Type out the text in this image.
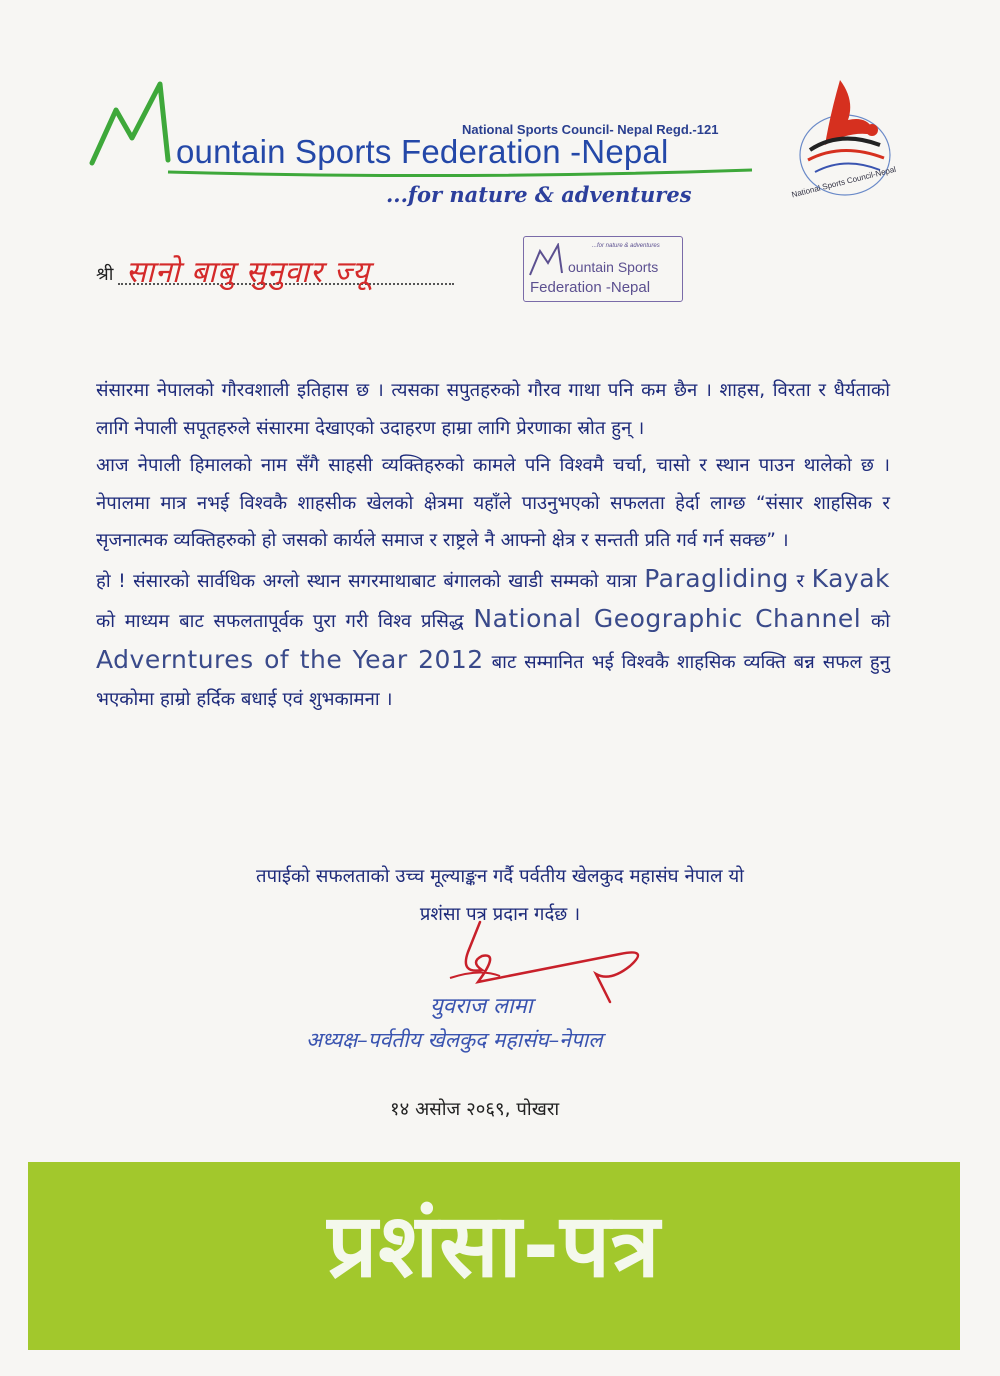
National Sports Council- Nepal Regd.-121
ountain Sports Federation -Nepal
...for nature & adventures	National Sports Council-Nepal
श्री सानो बाबु सुनुवार ज्यू
...for nature & adventures
ountain Sports
Federation -Nepal

संसारमा नेपालको गौरवशाली इतिहास छ । त्यसका सपुतहरुको गौरव गाथा पनि कम छैन । शाहस, विरता र धैर्यताको लागि नेपाली सपूतहरुले संसारमा देखाएको उदाहरण हाम्रा लागि प्रेरणाका स्रोत हुन् ।

आज नेपाली हिमालको नाम सँगै साहसी व्यक्तिहरुको कामले पनि विश्वमै चर्चा, चासो र स्थान पाउन थालेको छ । नेपालमा मात्र नभई विश्वकै शाहसीक खेलको क्षेत्रमा यहाँले पाउनुभएको सफलता हेर्दा लाग्छ “संसार शाहसिक र सृजनात्मक व्यक्तिहरुको हो जसको कार्यले समाज र राष्ट्रले नै आफ्नो क्षेत्र र सन्तती प्रति गर्व गर्न सक्छ” ।

हो ! संसारको सार्वधिक अग्लो स्थान सगरमाथाबाट बंगालको खाडी सम्मको यात्रा Paragliding र Kayak को माध्यम बाट सफलतापूर्वक पुरा गरी विश्व प्रसिद्ध National Geographic Channel को Adverntures of the Year 2012 बाट सम्मानित भई विश्वकै शाहसिक व्यक्ति बन्न सफल हुनु भएकोमा हाम्रो हर्दिक बधाई एवं शुभकामना ।

तपाईको सफलताको उच्च मूल्याङ्कन गर्दै पर्वतीय खेलकुद महासंघ नेपाल यो
प्रशंसा पत्र प्रदान गर्दछ ।
युवराज लामा
अध्यक्ष–पर्वतीय खेलकुद महासंघ–नेपाल
१४ असोज २०६९, पोखरा
प्रशंसा-पत्र
